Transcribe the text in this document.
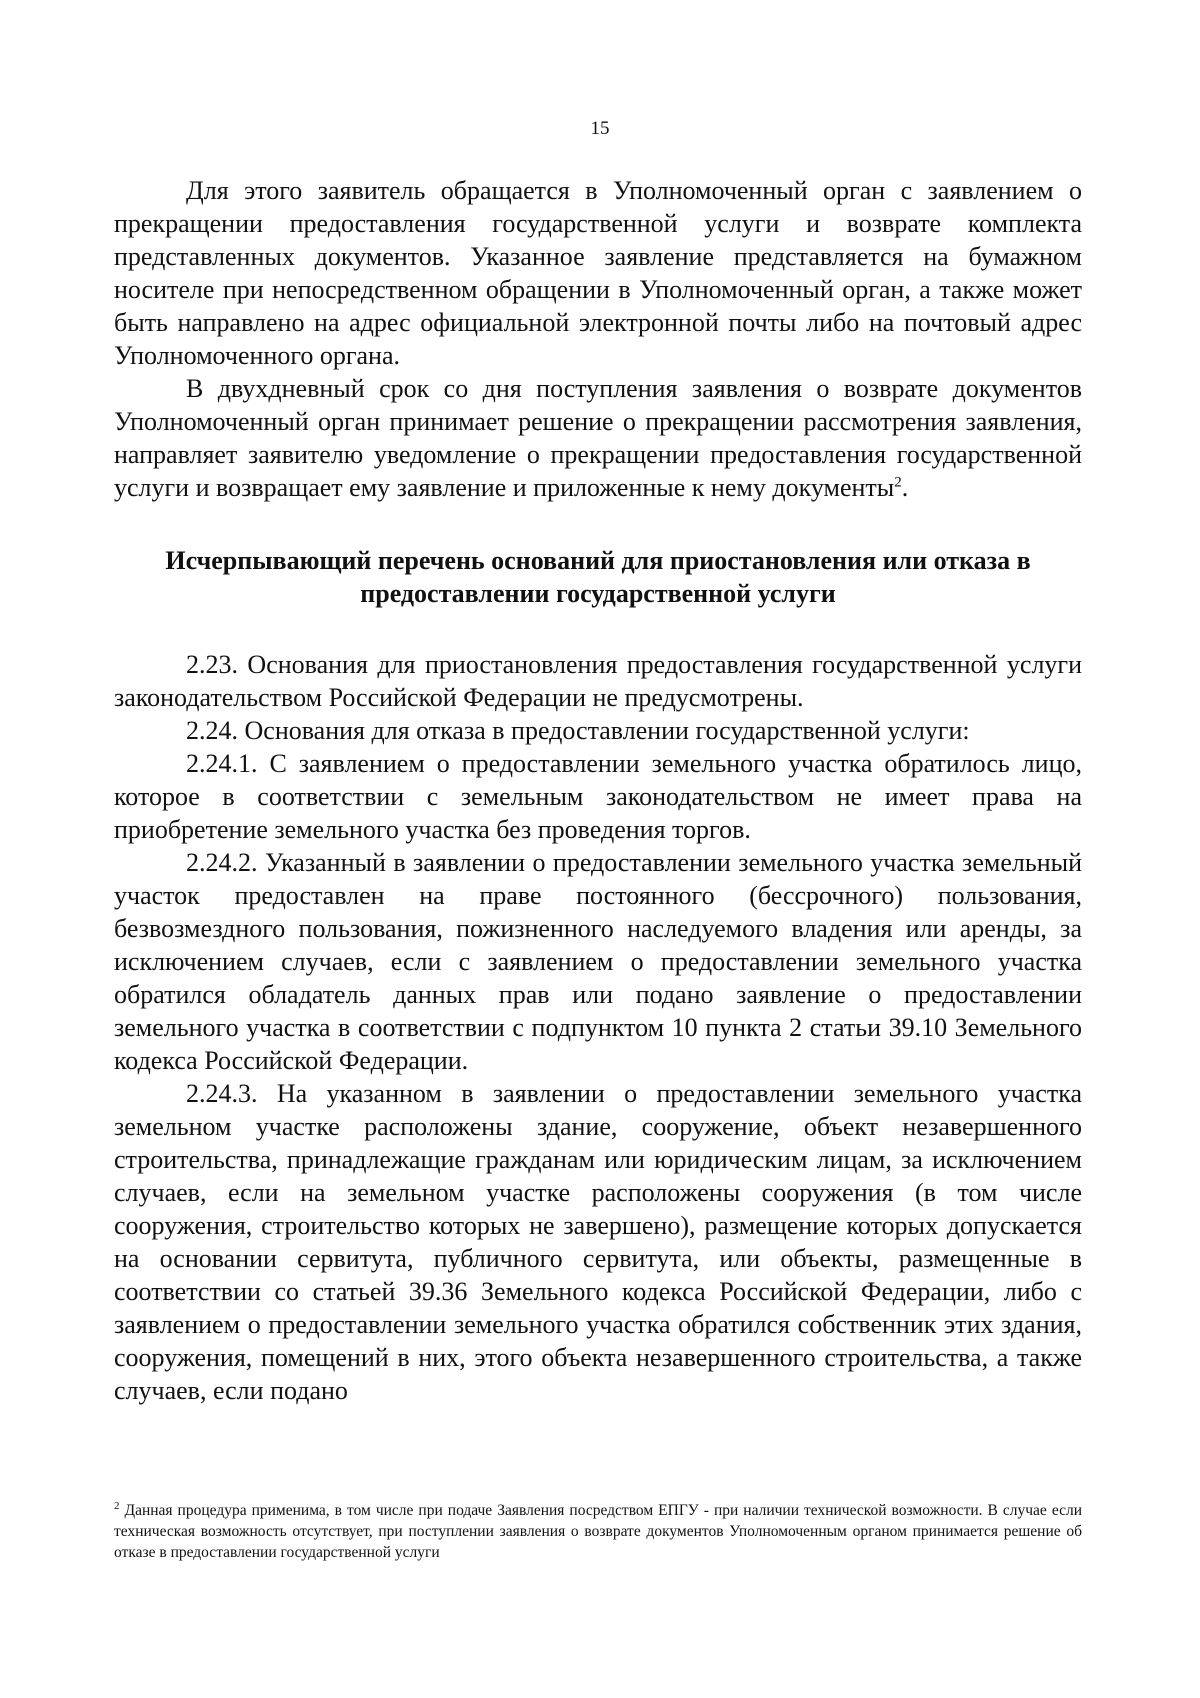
15

Для этого заявитель обращается в Уполномоченный орган с заявлением о прекращении предоставления государственной услуги и возврате комплекта представленных документов. Указанное заявление представляется на бумажном носителе при непосредственном обращении в Уполномоченный орган, а также может быть направлено на адрес официальной электронной почты либо на почтовый адрес Уполномоченного органа.

В двухдневный срок со дня поступления заявления о возврате документов Уполномоченный орган принимает решение о прекращении рассмотрения заявления, направляет заявителю уведомление о прекращении предоставления государственной услуги и возвращает ему заявление и приложенные к нему документы$^2$.

Исчерпывающий перечень оснований для приостановления или отказа в
предоставлении государственной услуги

2.23. Основания для приостановления предоставления государственной услуги законодательством Российской Федерации не предусмотрены.

2.24. Основания для отказа в предоставлении государственной услуги:

2.24.1. С заявлением о предоставлении земельного участка обратилось лицо, которое в соответствии с земельным законодательством не имеет права на приобретение земельного участка без проведения торгов.

2.24.2. Указанный в заявлении о предоставлении земельного участка земельный участок предоставлен на праве постоянного (бессрочного) пользования, безвозмездного пользования, пожизненного наследуемого владения или аренды, за исключением случаев, если с заявлением о предоставлении земельного участка обратился обладатель данных прав или подано заявление о предоставлении земельного участка в соответствии с подпунктом 10 пункта 2 статьи 39.10 Земельного кодекса Российской Федерации.

2.24.3. На указанном в заявлении о предоставлении земельного участка земельном участке расположены здание, сооружение, объект незавершенного строительства, принадлежащие гражданам или юридическим лицам, за исключением случаев, если на земельном участке расположены сооружения (в том числе сооружения, строительство которых не завершено), размещение которых допускается на основании сервитута, публичного сервитута, или объекты, размещенные в соответствии со статьей 39.36 Земельного кодекса Российской Федерации, либо с заявлением о предоставлении земельного участка обратился собственник этих здания, сооружения, помещений в них, этого объекта незавершенного строительства, а также случаев, если подано

$^2$ Данная процедура применима, в том числе при подаче Заявления посредством ЕПГУ - при наличии технической возможности. В случае если техническая возможность отсутствует, при поступлении заявления о возврате документов Уполномоченным органом принимается решение об отказе в предоставлении государственной услуги
